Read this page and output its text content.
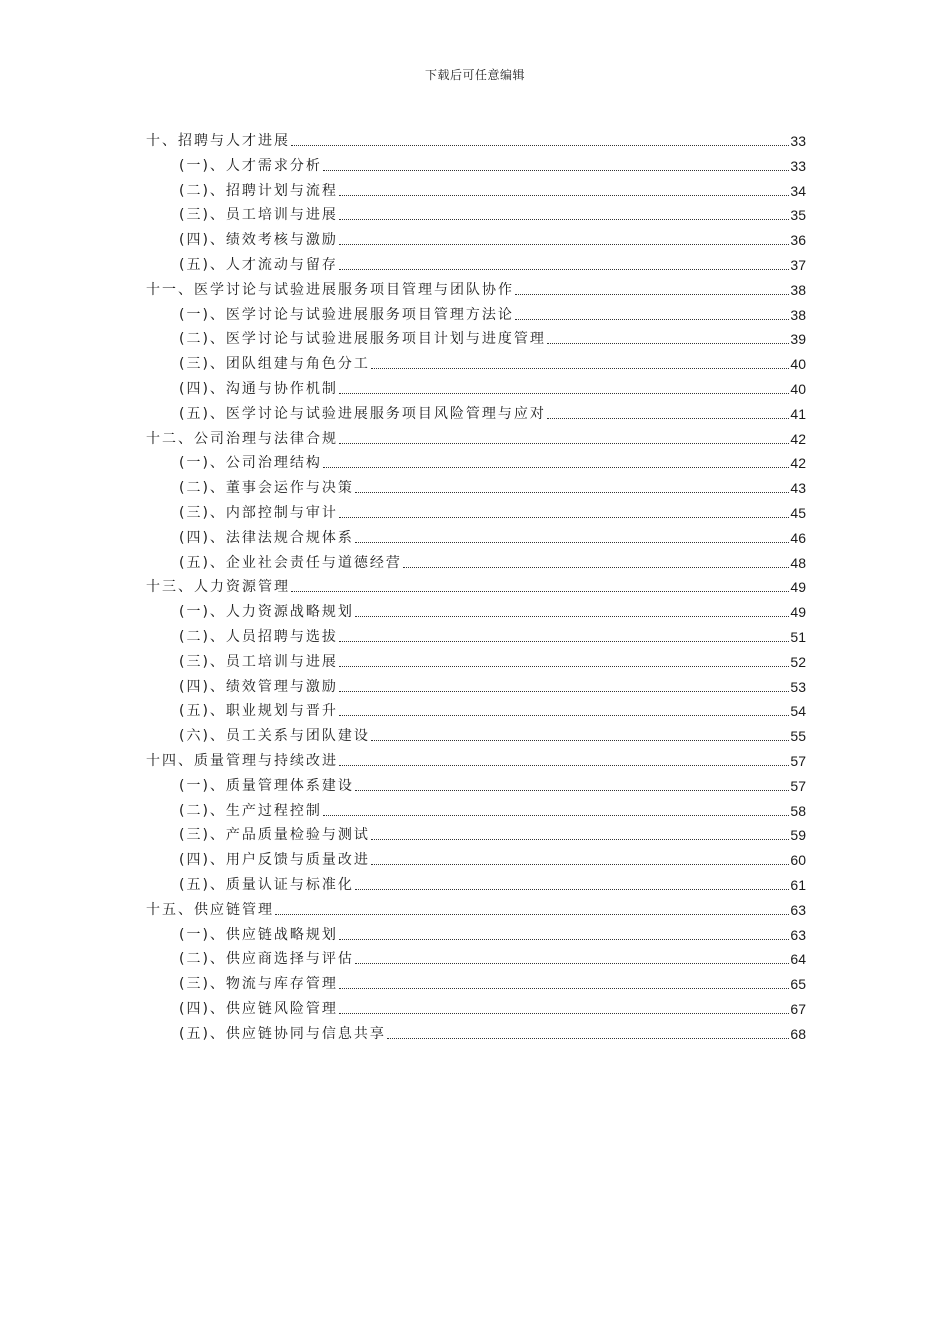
下载后可任意编辑
十、招聘与人才进展	33
(一)、人才需求分析	33
(二)、招聘计划与流程	34
(三)、员工培训与进展	35
(四)、绩效考核与激励	36
(五)、人才流动与留存	37
十一、医学讨论与试验进展服务项目管理与团队协作	38
(一)、医学讨论与试验进展服务项目管理方法论	38
(二)、医学讨论与试验进展服务项目计划与进度管理	39
(三)、团队组建与角色分工	40
(四)、沟通与协作机制	40
(五)、医学讨论与试验进展服务项目风险管理与应对	41
十二、公司治理与法律合规	42
(一)、公司治理结构	42
(二)、董事会运作与决策	43
(三)、内部控制与审计	45
(四)、法律法规合规体系	46
(五)、企业社会责任与道德经营	48
十三、人力资源管理	49
(一)、人力资源战略规划	49
(二)、人员招聘与选拔	51
(三)、员工培训与进展	52
(四)、绩效管理与激励	53
(五)、职业规划与晋升	54
(六)、员工关系与团队建设	55
十四、质量管理与持续改进	57
(一)、质量管理体系建设	57
(二)、生产过程控制	58
(三)、产品质量检验与测试	59
(四)、用户反馈与质量改进	60
(五)、质量认证与标准化	61
十五、供应链管理	63
(一)、供应链战略规划	63
(二)、供应商选择与评估	64
(三)、物流与库存管理	65
(四)、供应链风险管理	67
(五)、供应链协同与信息共享	68
